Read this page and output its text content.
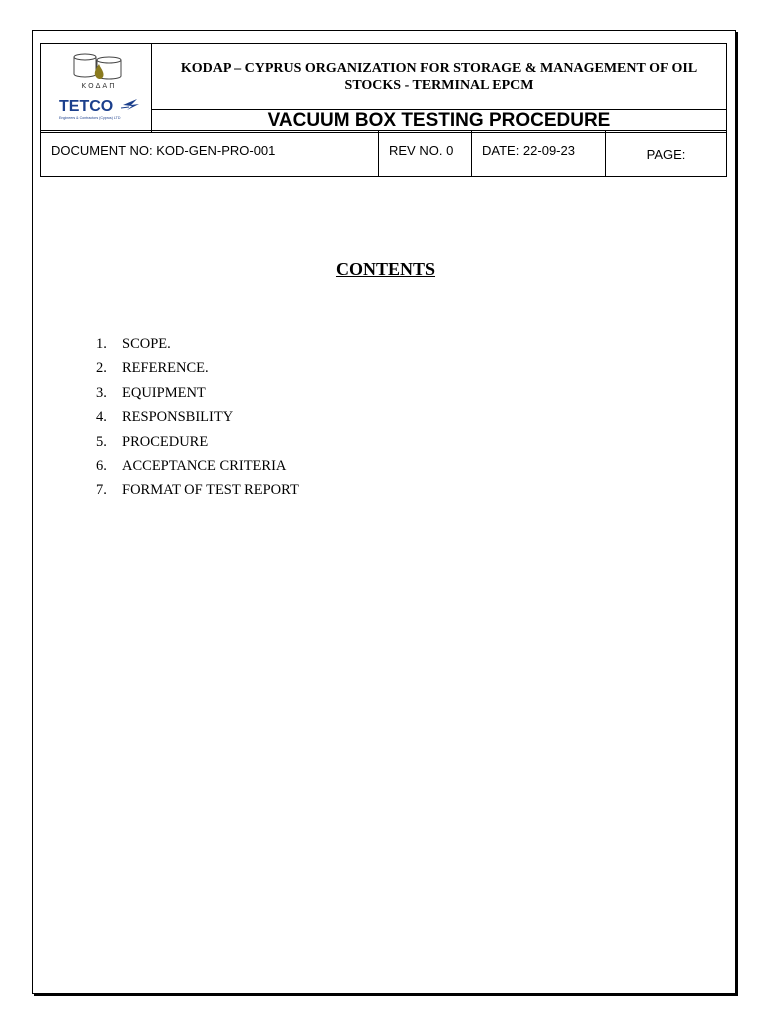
ΚΟΔΑΠ
TETCO
Engineers & Contractors (Cyprus) LTD
	KODAP – CYPRUS ORGANIZATION FOR STORAGE & MANAGEMENT OF OIL STOCKS - TERMINAL EPCM
VACUUM BOX TESTING PROCEDURE
DOCUMENT NO: KOD-GEN-PRO-001	REV NO. 0	DATE: 22-09-23	PAGE:
CONTENTS
1.	SCOPE.
2.	REFERENCE.
3.	EQUIPMENT
4.	RESPONSBILITY
5.	PROCEDURE
6.	ACCEPTANCE CRITERIA
7.	FORMAT OF TEST REPORT
